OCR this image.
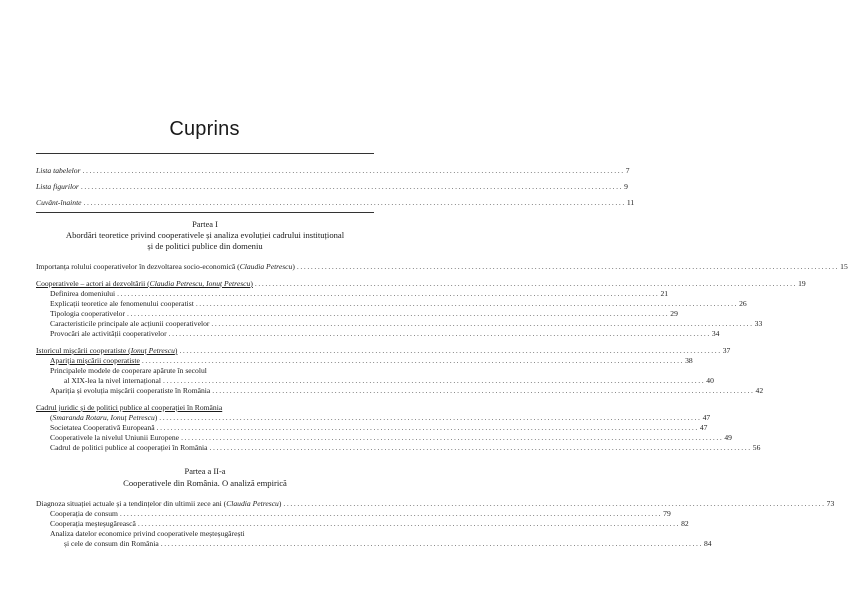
Cuprins
Lista tabelelor ........................................................................................................................................................... 7
Lista figurilor ........................................................................................................................................................... 9
Cuvânt-înainte ........................................................................................................................................................... 11
Partea I
Abordări teoretice privind cooperativele și analiza evoluției cadrului instituțional
și de politici publice din domeniu
Importanța rolului cooperativelor în dezvoltarea socio-economică (Claudia Petrescu) ........................................................................................................................................................... 15
Cooperativele – actori ai dezvoltării (Claudia Petrescu, Ionuț Petrescu) ........................................................................................................................................................... 19
Definirea domeniului ........................................................................................................................................................... 21
Explicații teoretice ale fenomenului cooperatist ........................................................................................................................................................... 26
Tipologia cooperativelor ........................................................................................................................................................... 29
Caracteristicile principale ale acțiunii cooperativelor ........................................................................................................................................................... 33
Provocări ale activității cooperativelor ........................................................................................................................................................... 34
Istoricul mișcării cooperatiste (Ionuț Petrescu) ........................................................................................................................................................... 37
Apariția mișcării cooperatiste ........................................................................................................................................................... 38
Principalele modele de cooperare apărute în secolul
al XIX-lea la nivel internațional ........................................................................................................................................................... 40
Apariția și evoluția mișcării cooperatiste în România ........................................................................................................................................................... 42
Cadrul juridic și de politici publice al cooperației în România
(Smaranda Rotaru, Ionuț Petrescu) ........................................................................................................................................................... 47
Societatea Cooperativă Europeană ........................................................................................................................................................... 47
Cooperativele la nivelul Uniunii Europene ........................................................................................................................................................... 49
Cadrul de politici publice al cooperației în România ........................................................................................................................................................... 56
Partea a II-a
Cooperativele din România. O analiză empirică
Diagnoza situației actuale și a tendințelor din ultimii zece ani (Claudia Petrescu) ........................................................................................................................................................... 73
Cooperația de consum ........................................................................................................................................................... 79
Cooperația meșteșugărească ........................................................................................................................................................... 82
Analiza datelor economice privind cooperativele meșteșugărești
și cele de consum din România ........................................................................................................................................................... 84
